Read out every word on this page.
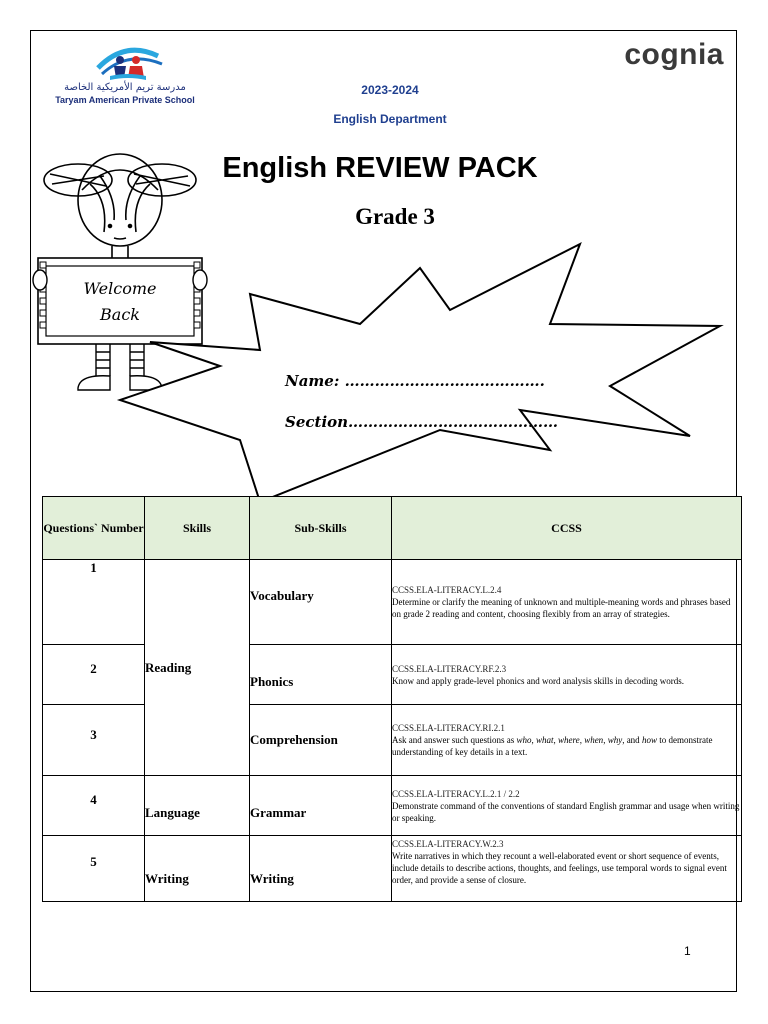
مدرسة تريم الأمريكية الخاصة
Taryam American Private School
cognia
2023-2024
English Department
English REVIEW PACK
Grade 3
Welcome
Back
Name: ………………………………….
Section……………………………………
Questions` Number	Skills	Sub-Skills	CCSS
1	Reading	Vocabulary	CCSS.ELA-LITERACY.L.2.4
Determine or clarify the meaning of unknown and multiple-meaning words and phrases based on grade 2 reading and content, choosing flexibly from an array of strategies.

2		Phonics	CCSS.ELA-LITERACY.RF.2.3
Know and apply grade-level phonics and word analysis skills in decoding words.

3		Comprehension	CCSS.ELA-LITERACY.RI.2.1
Ask and answer such questions as who, what, where, when, why, and how to demonstrate understanding of key details in a text.

4	Language	Grammar	CCSS.ELA-LITERACY.L.2.1 / 2.2
Demonstrate command of the conventions of standard English grammar and usage when writing or speaking.

5	Writing	Writing	CCSS.ELA-LITERACY.W.2.3
Write narratives in which they recount a well-elaborated event or short sequence of events, include details to describe actions, thoughts, and feelings, use temporal words to signal event order, and provide a sense of closure.
1
